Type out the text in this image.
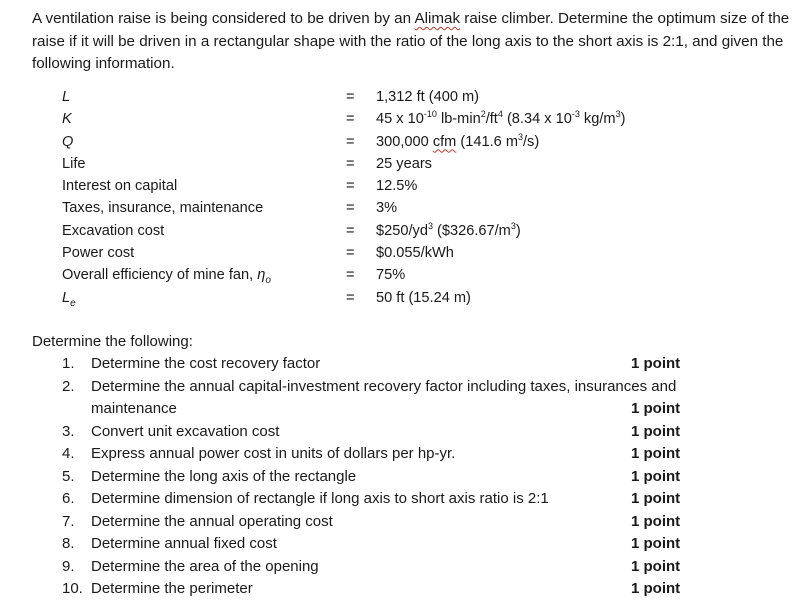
A ventilation raise is being considered to be driven by an Alimak raise climber. Determine the optimum size of the raise if it will be driven in a rectangular shape with the ratio of the long axis to the short axis is 2:1, and given the following information.

L	= 1,312 ft (400 m)
K	= 45 x $10^{-10}$ $lb-\min^2/ft^4$ (8.34 x $10^{-3}$ $kg/m^3$)
Q	= 300,000 cfm (141.6 $m^3/s$)
Life	= 25 years
Interest on capital	= 12.5%
Taxes, insurance, maintenance	= 3%
Excavation cost	= $\$250/yd^3$ $(\$326.67/m^3)$
Power cost	= $0.055/kWh
Overall efficiency of mine fan, $\eta_o$	= 75%
$L_e$	= 50 ft (15.24 m)
Determine the following:
1. Determine the cost recovery factor	1 point
2. Determine the annual capital-investment recovery factor including taxes, insurances and
maintenance	1 point
3. Convert unit excavation cost	1 point
4. Express annual power cost in units of dollars per hp-yr.	1 point
5. Determine the long axis of the rectangle	1 point
6. Determine dimension of rectangle if long axis to short axis ratio is 2:1	1 point
7. Determine the annual operating cost	1 point
8. Determine annual fixed cost	1 point
9. Determine the area of the opening	1 point
10. Determine the perimeter	1 point
